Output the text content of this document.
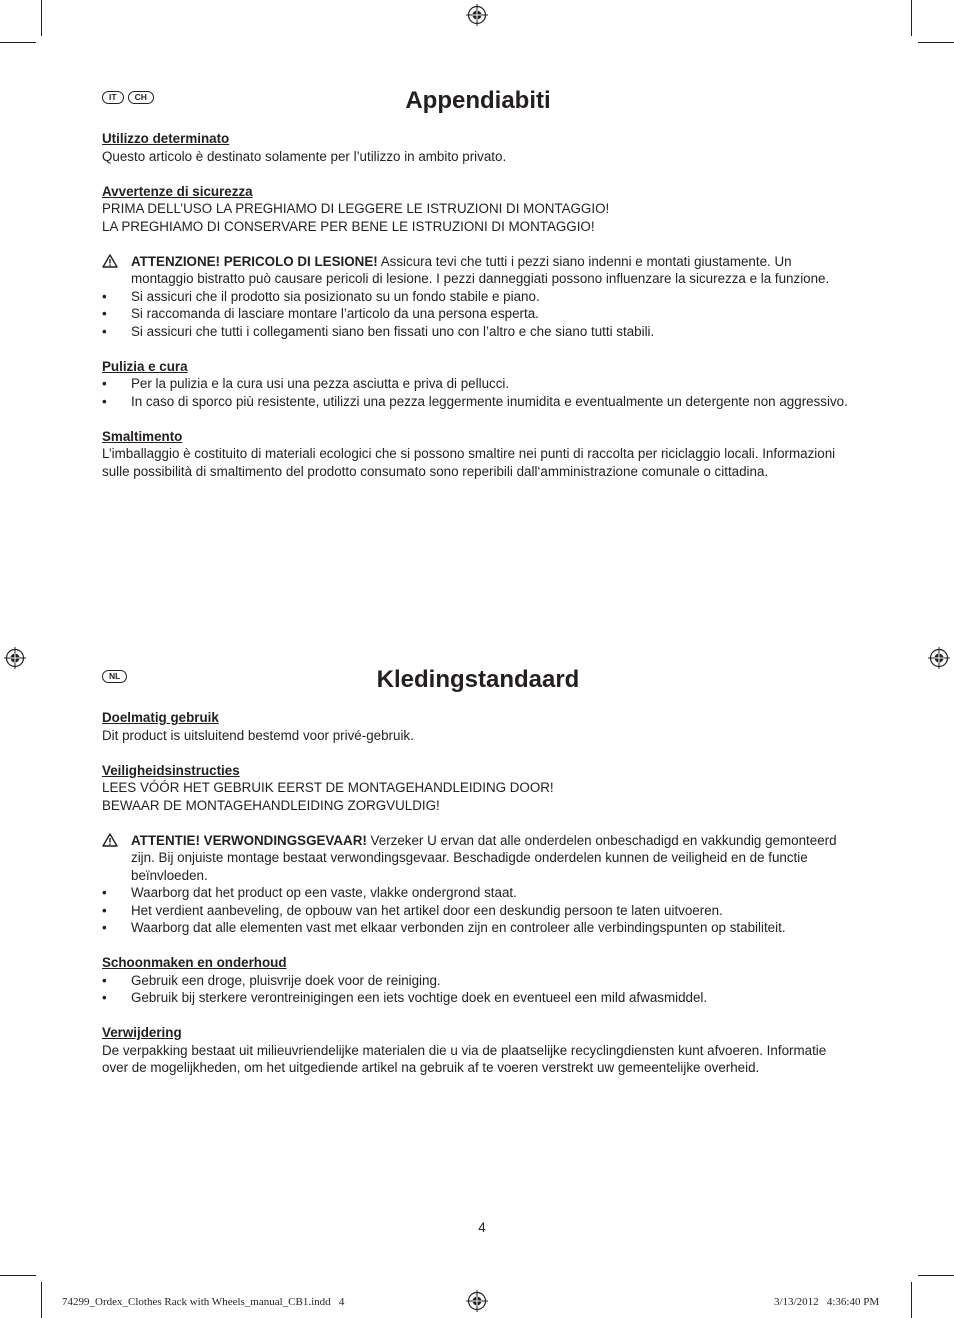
IT	CH	Appendiabiti

Utilizzo determinato

Questo articolo è destinato solamente per l’utilizzo in ambito privato.

Avvertenze di sicurezza

PRIMA DELL’USO LA PREGHIAMO DI LEGGERE LE ISTRUZIONI DI MONTAGGIO!

LA PREGHIAMO DI CONSERVARE PER BENE LE ISTRUZIONI DI MONTAGGIO!

ATTENZIONE! PERICOLO DI LESIONE! Assicura tevi che tutti i pezzi siano indenni e montati giustamente. Un montaggio bistratto può causare pericoli di lesione. I pezzi danneggiati possono influenzare la sicurezza e la funzione.

•	Si assicuri che il prodotto sia posizionato su un fondo stabile e piano.
•	Si raccomanda di lasciare montare l’articolo da una persona esperta.
•	Si assicuri che tutti i collegamenti siano ben fissati uno con l’altro e che siano tutti stabili.

Pulizia e cura

•	Per la pulizia e la cura usi una pezza asciutta e priva di pellucci.
•	In caso di sporco più resistente, utilizzi una pezza leggermente inumidita e eventualmente un detergente non aggressivo.

Smaltimento

L’imballaggio è costituito di materiali ecologici che si possono smaltire nei punti di raccolta per riciclaggio locali. Informazioni sulle possibilità di smaltimento del prodotto consumato sono reperibili dall‘amministrazione comunale o cittadina.

NL	Kledingstandaard

Doelmatig gebruik

Dit product is uitsluitend bestemd voor privé-gebruik.

Veiligheidsinstructies

LEES VÓÓR HET GEBRUIK EERST DE MONTAGEHANDLEIDING DOOR!

BEWAAR DE MONTAGEHANDLEIDING ZORGVULDIG!

ATTENTIE! VERWONDINGSGEVAAR! Verzeker U ervan dat alle onderdelen onbeschadigd en vakkundig gemonteerd zijn. Bij onjuiste montage bestaat verwondingsgevaar. Beschadigde onderdelen kunnen de veiligheid en de functie beïnvloeden.

•	Waarborg dat het product op een vaste, vlakke ondergrond staat.
•	Het verdient aanbeveling, de opbouw van het artikel door een deskundig persoon te laten uitvoeren.
•	Waarborg dat alle elementen vast met elkaar verbonden zijn en controleer alle verbindingspunten op stabiliteit.

Schoonmaken en onderhoud

•	Gebruik een droge, pluisvrije doek voor de reiniging.
•	Gebruik bij sterkere verontreinigingen een iets vochtige doek en eventueel een mild afwasmiddel.

Verwijdering

De verpakking bestaat uit milieuvriendelijke materialen die u via de plaatselijke recyclingdiensten kunt afvoeren. Informatie over de mogelijkheden, om het uitgediende artikel na gebruik af te voeren verstrekt uw gemeentelijke overheid.

4
74299_Ordex_Clothes Rack with Wheels_manual_CB1.indd   4	3/13/2012   4:36:40 PM
